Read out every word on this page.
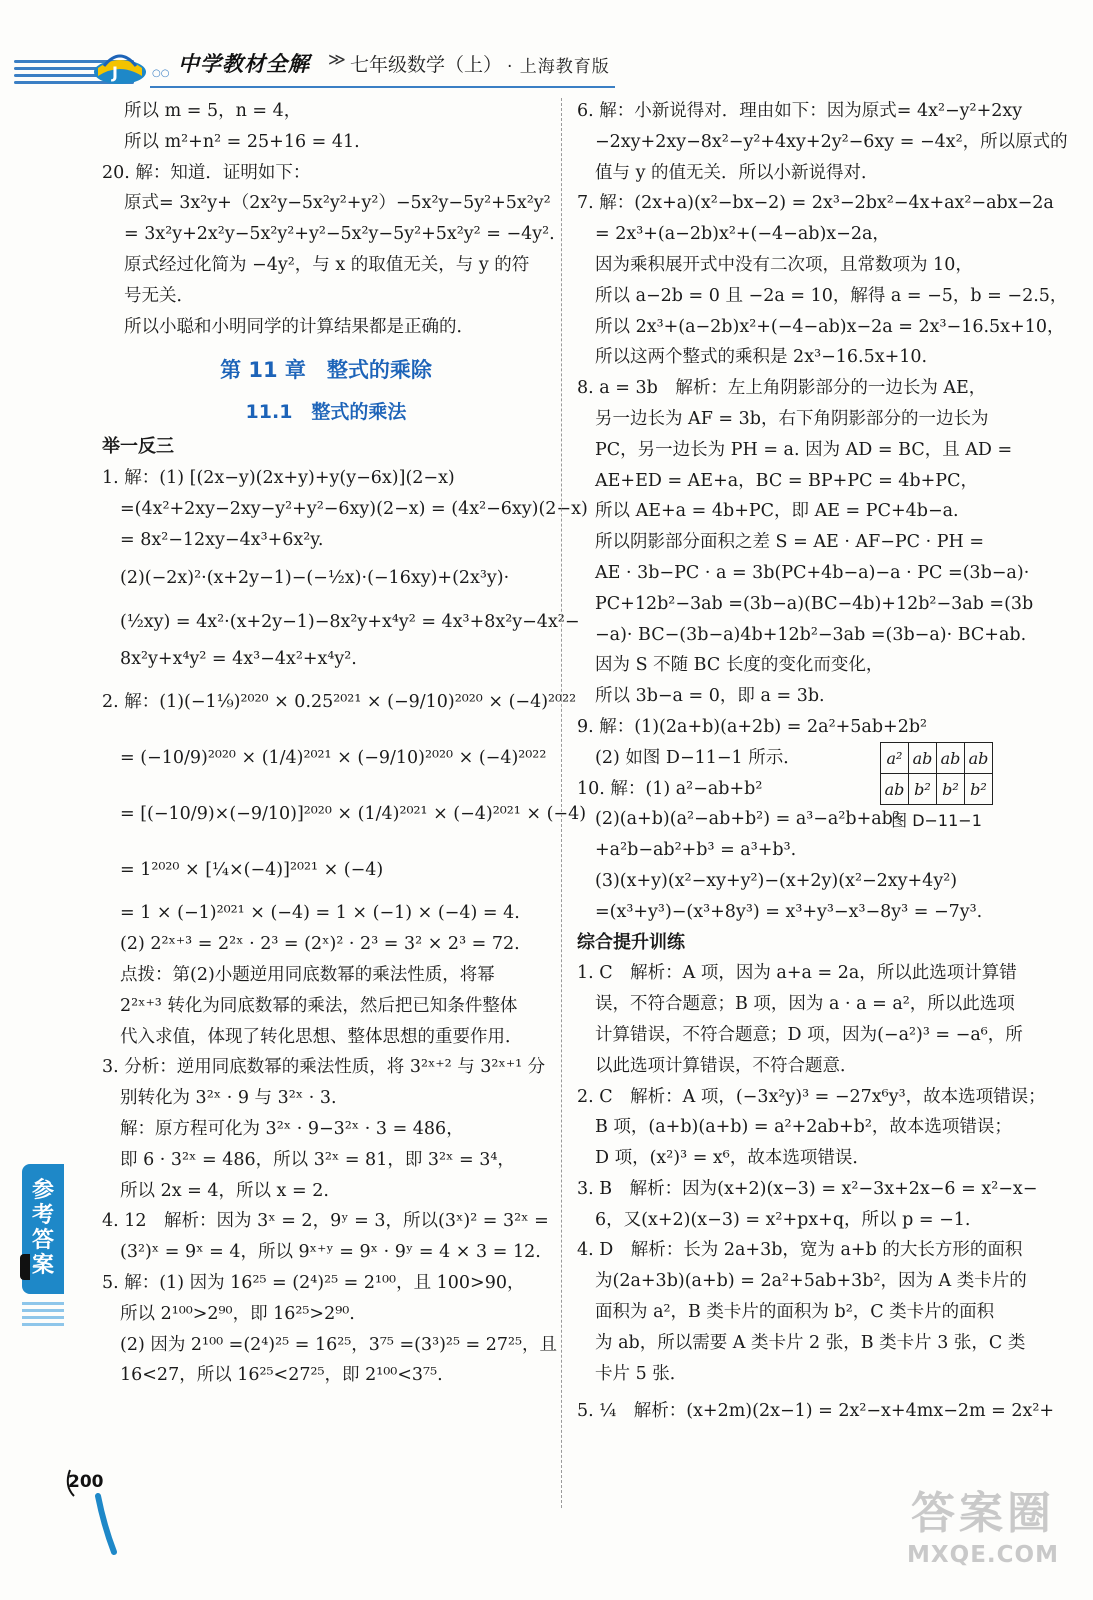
J	○○ 中学教材全解 ≫ 七年级数学（上） · 上海教育版
所以 m = 5，n = 4，
所以 m²+n² = 25+16 = 41.
20. 解：知道．证明如下：
原式= 3x²y+（2x²y−5x²y²+y²）−5x²y−5y²+5x²y²
= 3x²y+2x²y−5x²y²+y²−5x²y−5y²+5x²y² = −4y².
原式经过化简为 −4y²，与 x 的取值无关，与 y 的符
号无关．
所以小聪和小明同学的计算结果都是正确的．
第 11 章　整式的乘除
11.1　整式的乘法
举一反三
1. 解：(1) [(2x−y)(2x+y)+y(y−6x)](2−x)
=(4x²+2xy−2xy−y²+y²−6xy)(2−x) = (4x²−6xy)(2−x)
= 8x²−12xy−4x³+6x²y.
(2)(−2x)²·(x+2y−1)−(−½x)·(−16xy)+(2x³y)·
(½xy) = 4x²·(x+2y−1)−8x²y+x⁴y² = 4x³+8x²y−4x²−
8x²y+x⁴y² = 4x³−4x²+x⁴y².
2. 解：(1)(−1⅑)²⁰²⁰ × 0.25²⁰²¹ × (−9/10)²⁰²⁰ × (−4)²⁰²²
= (−10/9)²⁰²⁰ × (1/4)²⁰²¹ × (−9/10)²⁰²⁰ × (−4)²⁰²²
= [(−10/9)×(−9/10)]²⁰²⁰ × (1/4)²⁰²¹ × (−4)²⁰²¹ × (−4)
= 1²⁰²⁰ × [¼×(−4)]²⁰²¹ × (−4)
= 1 × (−1)²⁰²¹ × (−4) = 1 × (−1) × (−4) = 4.
(2) 2²ˣ⁺³ = 2²ˣ · 2³ = (2ˣ)² · 2³ = 3² × 2³ = 72.
点拨：第(2)小题逆用同底数幂的乘法性质，将幂
2²ˣ⁺³ 转化为同底数幂的乘法，然后把已知条件整体
代入求值，体现了转化思想、整体思想的重要作用．
3. 分析：逆用同底数幂的乘法性质，将 3²ˣ⁺² 与 3²ˣ⁺¹ 分
别转化为 3²ˣ · 9 与 3²ˣ · 3.
解：原方程可化为 3²ˣ · 9−3²ˣ · 3 = 486，
即 6 · 3²ˣ = 486，所以 3²ˣ = 81，即 3²ˣ = 3⁴，
所以 2x = 4，所以 x = 2.
4. 12　解析：因为 3ˣ = 2，9ʸ = 3，所以(3ˣ)² = 3²ˣ =
(3²)ˣ = 9ˣ = 4，所以 9ˣ⁺ʸ = 9ˣ · 9ʸ = 4 × 3 = 12.
5. 解：(1) 因为 16²⁵ = (2⁴)²⁵ = 2¹⁰⁰，且 100>90，
所以 2¹⁰⁰>2⁹⁰，即 16²⁵>2⁹⁰.
(2) 因为 2¹⁰⁰ =(2⁴)²⁵ = 16²⁵，3⁷⁵ =(3³)²⁵ = 27²⁵，且
16<27，所以 16²⁵<27²⁵，即 2¹⁰⁰<3⁷⁵.
6. 解：小新说得对．理由如下：因为原式= 4x²−y²+2xy
−2xy+2xy−8x²−y²+4xy+2y²−6xy = −4x²，所以原式的
值与 y 的值无关．所以小新说得对．
7. 解：(2x+a)(x²−bx−2) = 2x³−2bx²−4x+ax²−abx−2a
= 2x³+(a−2b)x²+(−4−ab)x−2a，
因为乘积展开式中没有二次项，且常数项为 10，
所以 a−2b = 0 且 −2a = 10，解得 a = −5，b = −2.5，
所以 2x³+(a−2b)x²+(−4−ab)x−2a = 2x³−16.5x+10，
所以这两个整式的乘积是 2x³−16.5x+10.
8. a = 3b　解析：左上角阴影部分的一边长为 AE，
另一边长为 AF = 3b，右下角阴影部分的一边长为
PC，另一边长为 PH = a. 因为 AD = BC，且 AD =
AE+ED = AE+a，BC = BP+PC = 4b+PC，
所以 AE+a = 4b+PC，即 AE = PC+4b−a.
所以阴影部分面积之差 S = AE · AF−PC · PH =
AE · 3b−PC · a = 3b(PC+4b−a)−a · PC =(3b−a)·
PC+12b²−3ab =(3b−a)(BC−4b)+12b²−3ab =(3b
−a)· BC−(3b−a)4b+12b²−3ab =(3b−a)· BC+ab.
因为 S 不随 BC 长度的变化而变化，
所以 3b−a = 0，即 a = 3b.
9. 解：(1)(2a+b)(a+2b) = 2a²+5ab+2b²
(2) 如图 D−11−1 所示．
10. 解：(1) a²−ab+b²
(2)(a+b)(a²−ab+b²) = a³−a²b+ab²
+a²b−ab²+b³ = a³+b³.
(3)(x+y)(x²−xy+y²)−(x+2y)(x²−2xy+4y²)
=(x³+y³)−(x³+8y³) = x³+y³−x³−8y³ = −7y³.
综合提升训练
1. C　解析：A 项，因为 a+a = 2a，所以此选项计算错
误，不符合题意；B 项，因为 a · a = a²，所以此选项
计算错误，不符合题意；D 项，因为(−a²)³ = −a⁶，所
以此选项计算错误，不符合题意．
2. C　解析：A 项，(−3x²y)³ = −27x⁶y³，故本选项错误；
B 项，(a+b)(a+b) = a²+2ab+b²，故本选项错误；
D 项，(x²)³ = x⁶，故本选项错误．
3. B　解析：因为(x+2)(x−3) = x²−3x+2x−6 = x²−x−
6，又(x+2)(x−3) = x²+px+q，所以 p = −1.
4. D　解析：长为 2a+3b，宽为 a+b 的大长方形的面积
为(2a+3b)(a+b) = 2a²+5ab+3b²，因为 A 类卡片的
面积为 a²，B 类卡片的面积为 b²，C 类卡片的面积
为 ab，所以需要 A 类卡片 2 张，B 类卡片 3 张，C 类
卡片 5 张．
5. ¼　解析：(x+2m)(2x−1) = 2x²−x+4mx−2m = 2x²+
a²	ab	ab	ab
ab	b²	b²	b²
图 D−11−1
参考答案
200
答案圈
MXQE.COM
